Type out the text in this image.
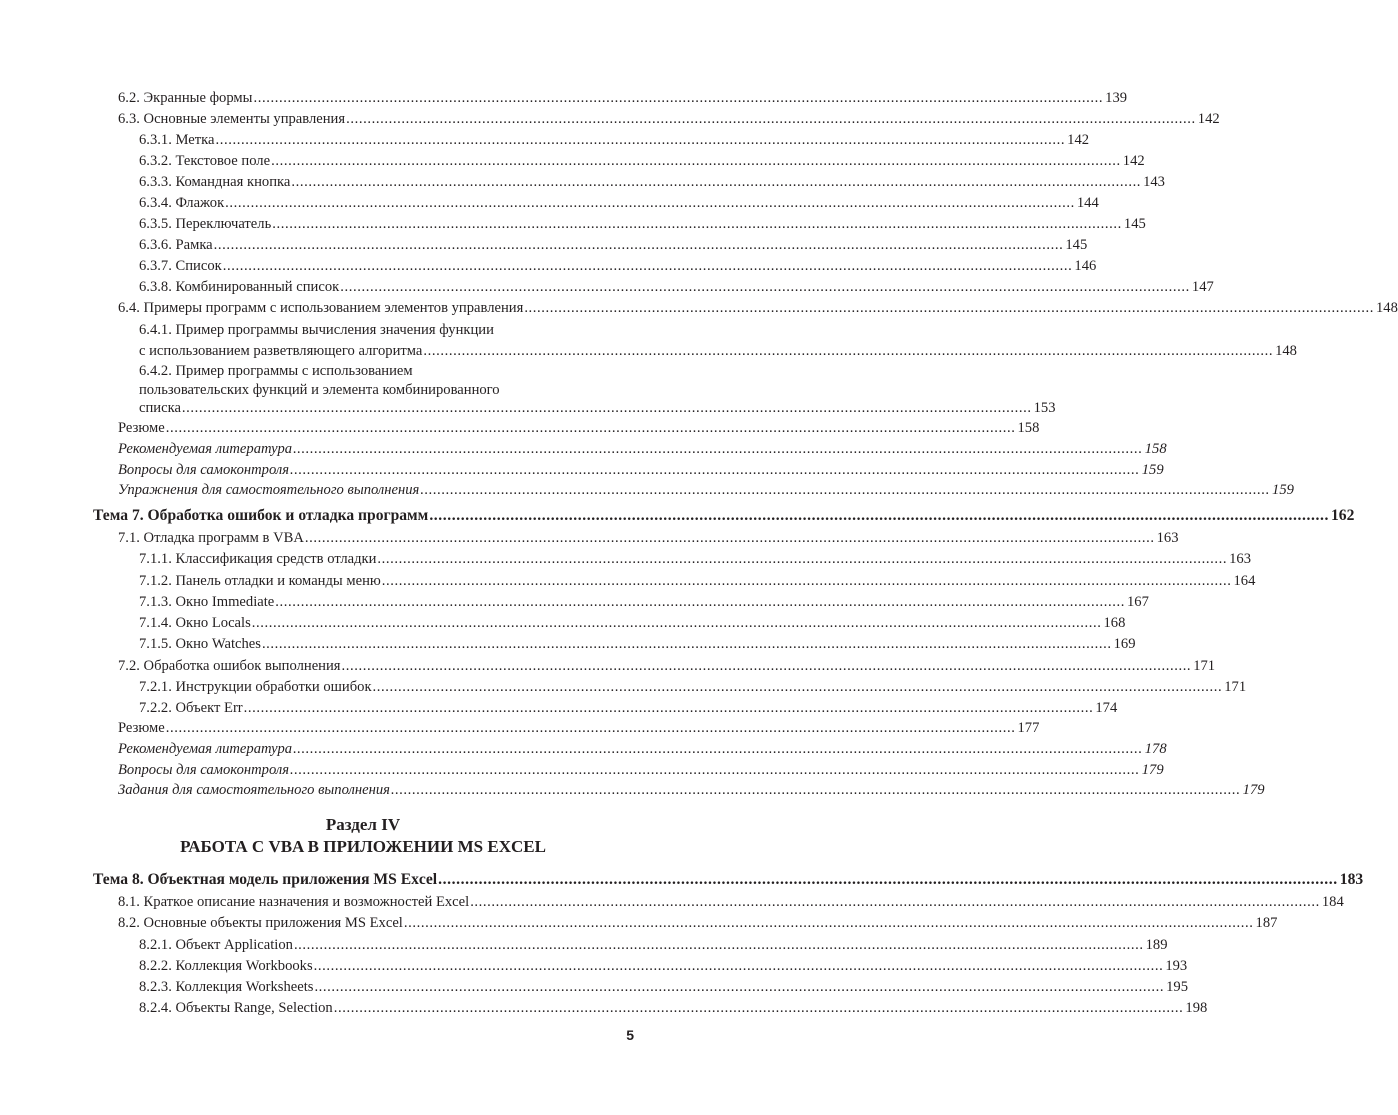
6.2. Экранные формы ........................................................................................................................................................................................................ 139
6.3. Основные элементы управления ........................................................................................................................................................................................................ 142
6.3.1. Метка ........................................................................................................................................................................................................ 142
6.3.2. Текстовое поле ........................................................................................................................................................................................................ 142
6.3.3. Командная кнопка ........................................................................................................................................................................................................ 143
6.3.4. Флажок ........................................................................................................................................................................................................ 144
6.3.5. Переключатель ........................................................................................................................................................................................................ 145
6.3.6. Рамка ........................................................................................................................................................................................................ 145
6.3.7. Список ........................................................................................................................................................................................................ 146
6.3.8. Комбинированный список ........................................................................................................................................................................................................ 147
6.4. Примеры программ с использованием элементов управления ........................................................................................................................................................................................................ 148
6.4.1. Пример программы вычисления значения функции
с использованием разветвляющего алгоритма ........................................................................................................................................................................................................ 148
6.4.2. Пример программы с использованием
пользовательских функций и элемента комбинированного
списка ........................................................................................................................................................................................................ 153
Резюме ........................................................................................................................................................................................................ 158
Рекомендуемая литература ........................................................................................................................................................................................................ 158
Вопросы для самоконтроля ........................................................................................................................................................................................................ 159
Упражнения для самостоятельного выполнения ........................................................................................................................................................................................................ 159
Тема 7. Обработка ошибок и отладка программ ........................................................................................................................................................................................................ 162
7.1. Отладка программ в VBA ........................................................................................................................................................................................................ 163
7.1.1. Классификация средств отладки ........................................................................................................................................................................................................ 163
7.1.2. Панель отладки и команды меню ........................................................................................................................................................................................................ 164
7.1.3. Окно Immediate ........................................................................................................................................................................................................ 167
7.1.4. Окно Locals ........................................................................................................................................................................................................ 168
7.1.5. Окно Watches ........................................................................................................................................................................................................ 169
7.2. Обработка ошибок выполнения ........................................................................................................................................................................................................ 171
7.2.1. Инструкции обработки ошибок ........................................................................................................................................................................................................ 171
7.2.2. Объект Err ........................................................................................................................................................................................................ 174
Резюме ........................................................................................................................................................................................................ 177
Рекомендуемая литература ........................................................................................................................................................................................................ 178
Вопросы для самоконтроля ........................................................................................................................................................................................................ 179
Задания для самостоятельного выполнения ........................................................................................................................................................................................................ 179
Тема 8. Объектная модель приложения MS Excel ........................................................................................................................................................................................................ 183
8.1. Краткое описание назначения и возможностей Excel ........................................................................................................................................................................................................ 184
8.2. Основные объекты приложения MS Excel ........................................................................................................................................................................................................ 187
8.2.1. Объект Application ........................................................................................................................................................................................................ 189
8.2.2. Коллекция Workbooks ........................................................................................................................................................................................................ 193
8.2.3. Коллекция Worksheets ........................................................................................................................................................................................................ 195
8.2.4. Объекты Range, Selection ........................................................................................................................................................................................................ 198
Раздел IV
РАБОТА С VBA В ПРИЛОЖЕНИИ MS EXCEL
5
